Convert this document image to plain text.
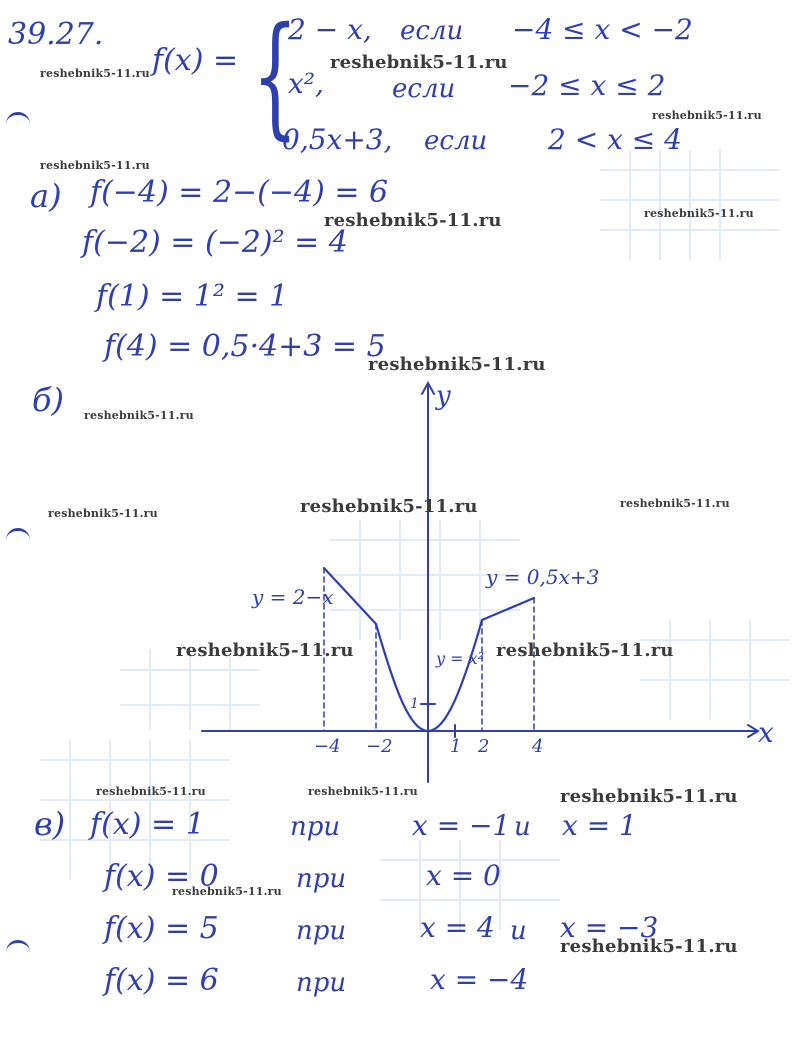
39.27.
f(x) = {
2 − x, если −4 ≤ x < −2
x²,	если −2 ≤ x ≤ 2
0,5x+3, если 2 < x ≤ 4
а) f(−4) = 2−(−4) = 6
f(−2) = (−2)² = 4
f(1) = 1² = 1
f(4) = 0,5·4+3 = 5
б)	y
x
−4 −2	1 2 4
1
y = 2−x
y = x²
y = 0,5x+3
в) f(x) = 1	при	x = −1 и x = 1
f(x) = 0	при	x = 0
f(x) = 5	при	x = 4 и x = −3
f(x) = 6	при	x = −4
reshebnik5-11.ru
reshebnik5-11.ru
reshebnik5-11.ru
reshebnik5-11.ru
reshebnik5-11.ru	reshebnik5-11.ru
reshebnik5-11.ru
reshebnik5-11.ru
reshebnik5-11.ru	reshebnik5-11.ru	reshebnik5-11.ru
reshebnik5-11.ru	reshebnik5-11.ru
reshebnik5-11.ru	reshebnik5-11.ru	reshebnik5-11.ru
reshebnik5-11.ru
reshebnik5-11.ru
